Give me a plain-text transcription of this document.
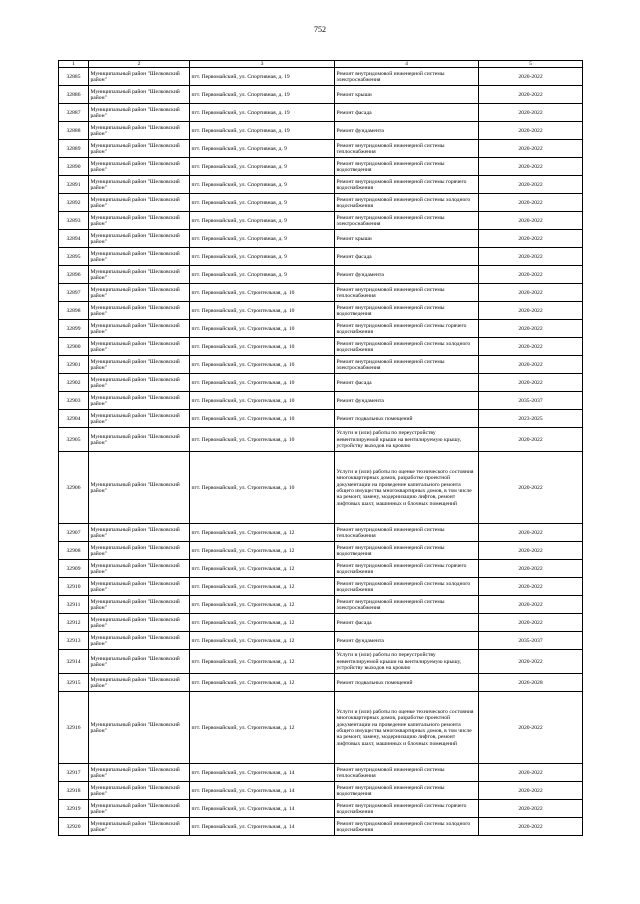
752
1	2	3	4	5
32885	Муниципальный район "Шелковский район"	пгт. Первомайский, ул. Спортивная, д. 19	Ремонт внутридомовой инженерной системы электроснабжения	2020-2022
32886	Муниципальный район "Шелковский район"	пгт. Первомайский, ул. Спортивная, д. 19	Ремонт крыши	2020-2022
32887	Муниципальный район "Шелковский район"	пгт. Первомайский, ул. Спортивная, д. 19	Ремонт фасада	2020-2022
32888	Муниципальный район "Шелковский район"	пгт. Первомайский, ул. Спортивная, д. 19	Ремонт фундамента	2020-2022
32889	Муниципальный район "Шелковский район"	пгт. Первомайский, ул. Спортивная, д. 9	Ремонт внутридомовой инженерной системы теплоснабжения	2020-2022
32890	Муниципальный район "Шелковский район"	пгт. Первомайский, ул. Спортивная, д. 9	Ремонт внутридомовой инженерной системы водоотведения	2020-2022
32891	Муниципальный район "Шелковский район"	пгт. Первомайский, ул. Спортивная, д. 9	Ремонт внутридомовой инженерной системы горячего водоснабжения	2020-2022
32892	Муниципальный район "Шелковский район"	пгт. Первомайский, ул. Спортивная, д. 9	Ремонт внутридомовой инженерной системы холодного водоснабжения	2020-2022
32893	Муниципальный район "Шелковский район"	пгт. Первомайский, ул. Спортивная, д. 9	Ремонт внутридомовой инженерной системы электроснабжения	2020-2022
32894	Муниципальный район "Шелковский район"	пгт. Первомайский, ул. Спортивная, д. 9	Ремонт крыши	2020-2022
32895	Муниципальный район "Шелковский район"	пгт. Первомайский, ул. Спортивная, д. 9	Ремонт фасада	2020-2022
32896	Муниципальный район "Шелковский район"	пгт. Первомайский, ул. Спортивная, д. 9	Ремонт фундамента	2020-2022
32897	Муниципальный район "Шелковский район"	пгт. Первомайский, ул. Строительная, д. 10	Ремонт внутридомовой инженерной системы теплоснабжения	2020-2022
32898	Муниципальный район "Шелковский район"	пгт. Первомайский, ул. Строительная, д. 10	Ремонт внутридомовой инженерной системы водоотведения	2020-2022
32899	Муниципальный район "Шелковский район"	пгт. Первомайский, ул. Строительная, д. 10	Ремонт внутридомовой инженерной системы горячего водоснабжения	2020-2022
32900	Муниципальный район "Шелковский район"	пгт. Первомайский, ул. Строительная, д. 10	Ремонт внутридомовой инженерной системы холодного водоснабжения	2020-2022
32901	Муниципальный район "Шелковский район"	пгт. Первомайский, ул. Строительная, д. 10	Ремонт внутридомовой инженерной системы электроснабжения	2020-2022
32902	Муниципальный район "Шелковский район"	пгт. Первомайский, ул. Строительная, д. 10	Ремонт фасада	2020-2022
32903	Муниципальный район "Шелковский район"	пгт. Первомайский, ул. Строительная, д. 10	Ремонт фундамента	2035-2037
32904	Муниципальный район "Шелковский район"	пгт. Первомайский, ул. Строительная, д. 10	Ремонт подвальных помещений	2023-2025
32905	Муниципальный район "Шелковский район"	пгт. Первомайский, ул. Строительная, д. 10	Услуги и (или) работы по переустройству невентилируемой крыши на вентилируемую крышу, устройству выходов на кровлю	2020-2022
32906	Муниципальный район "Шелковский район"	пгт. Первомайский, ул. Строительная, д. 10	Услуги и (или) работы по оценке технического состояния многоквартирных домов, разработке проектной документации на проведение капитального ремонта общего имущества многоквартирных домов, в том числе на ремонт, замену, модернизацию лифтов, ремонт лифтовых шахт, машинных и блочных помещений	2020-2022
32907	Муниципальный район "Шелковский район"	пгт. Первомайский, ул. Строительная, д. 12	Ремонт внутридомовой инженерной системы теплоснабжения	2020-2022
32908	Муниципальный район "Шелковский район"	пгт. Первомайский, ул. Строительная, д. 12	Ремонт внутридомовой инженерной системы водоотведения	2020-2022
32909	Муниципальный район "Шелковский район"	пгт. Первомайский, ул. Строительная, д. 12	Ремонт внутридомовой инженерной системы горячего водоснабжения	2020-2022
32910	Муниципальный район "Шелковский район"	пгт. Первомайский, ул. Строительная, д. 12	Ремонт внутридомовой инженерной системы холодного водоснабжения	2020-2022
32911	Муниципальный район "Шелковский район"	пгт. Первомайский, ул. Строительная, д. 12	Ремонт внутридомовой инженерной системы электроснабжения	2020-2022
32912	Муниципальный район "Шелковский район"	пгт. Первомайский, ул. Строительная, д. 12	Ремонт фасада	2020-2022
32913	Муниципальный район "Шелковский район"	пгт. Первомайский, ул. Строительная, д. 12	Ремонт фундамента	2035-2037
32914	Муниципальный район "Шелковский район"	пгт. Первомайский, ул. Строительная, д. 12	Услуги и (или) работы по переустройству невентилируемой крыши на вентилируемую крышу, устройству выходов на кровлю	2020-2022
32915	Муниципальный район "Шелковский район"	пгт. Первомайский, ул. Строительная, д. 12	Ремонт подвальных помещений	2026-2028
32916	Муниципальный район "Шелковский район"	пгт. Первомайский, ул. Строительная, д. 12	Услуги и (или) работы по оценке технического состояния многоквартирных домов, разработке проектной документации на проведение капитального ремонта общего имущества многоквартирных домов, в том числе на ремонт, замену, модернизацию лифтов, ремонт лифтовых шахт, машинных и блочных помещений	2020-2022
32917	Муниципальный район "Шелковский район"	пгт. Первомайский, ул. Строительная, д. 14	Ремонт внутридомовой инженерной системы теплоснабжения	2020-2022
32918	Муниципальный район "Шелковский район"	пгт. Первомайский, ул. Строительная, д. 14	Ремонт внутридомовой инженерной системы водоотведения	2020-2022
32919	Муниципальный район "Шелковский район"	пгт. Первомайский, ул. Строительная, д. 14	Ремонт внутридомовой инженерной системы горячего водоснабжения	2020-2022
32920	Муниципальный район "Шелковский район"	пгт. Первомайский, ул. Строительная, д. 14	Ремонт внутридомовой инженерной системы холодного водоснабжения	2020-2022
